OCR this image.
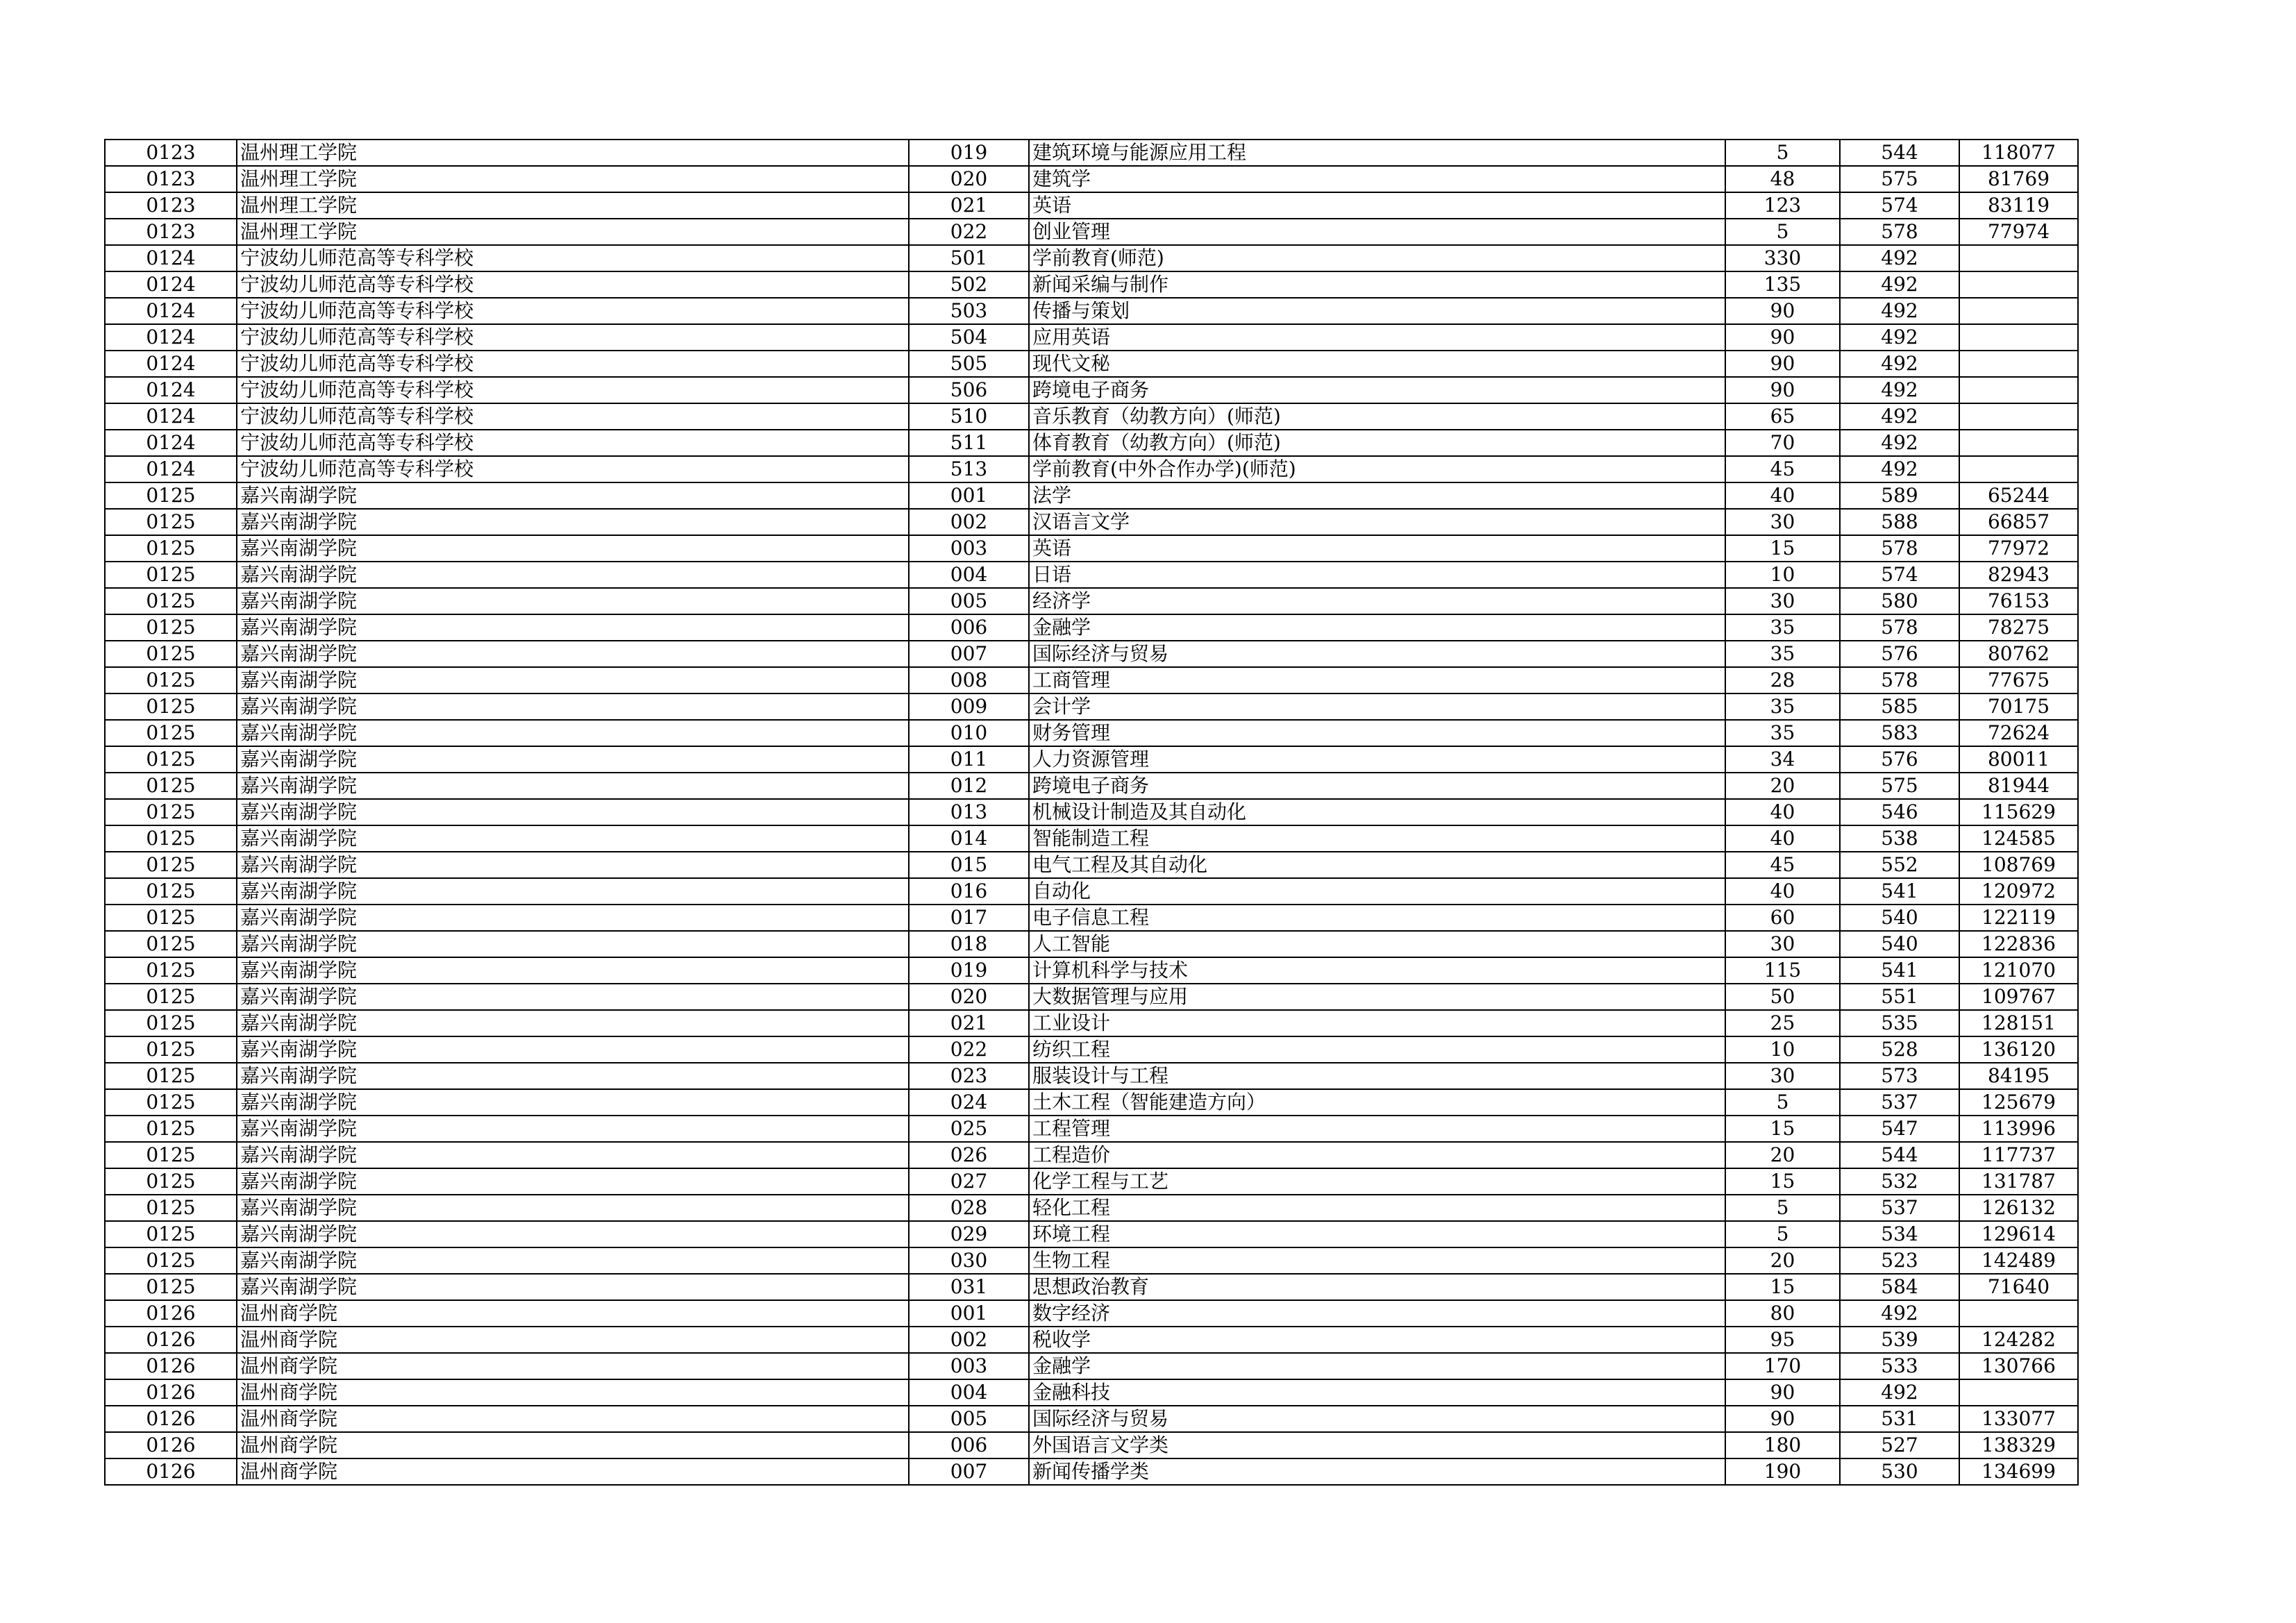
0123	温州理工学院	019	建筑环境与能源应用工程	5	544	118077
0123	温州理工学院	020	建筑学	48	575	81769
0123	温州理工学院	021	英语	123	574	83119
0123	温州理工学院	022	创业管理	5	578	77974
0124	宁波幼儿师范高等专科学校	501	学前教育(师范)	330	492	
0124	宁波幼儿师范高等专科学校	502	新闻采编与制作	135	492	
0124	宁波幼儿师范高等专科学校	503	传播与策划	90	492	
0124	宁波幼儿师范高等专科学校	504	应用英语	90	492	
0124	宁波幼儿师范高等专科学校	505	现代文秘	90	492	
0124	宁波幼儿师范高等专科学校	506	跨境电子商务	90	492	
0124	宁波幼儿师范高等专科学校	510	音乐教育（幼教方向）(师范)	65	492	
0124	宁波幼儿师范高等专科学校	511	体育教育（幼教方向）(师范)	70	492	
0124	宁波幼儿师范高等专科学校	513	学前教育(中外合作办学)(师范)	45	492	
0125	嘉兴南湖学院	001	法学	40	589	65244
0125	嘉兴南湖学院	002	汉语言文学	30	588	66857
0125	嘉兴南湖学院	003	英语	15	578	77972
0125	嘉兴南湖学院	004	日语	10	574	82943
0125	嘉兴南湖学院	005	经济学	30	580	76153
0125	嘉兴南湖学院	006	金融学	35	578	78275
0125	嘉兴南湖学院	007	国际经济与贸易	35	576	80762
0125	嘉兴南湖学院	008	工商管理	28	578	77675
0125	嘉兴南湖学院	009	会计学	35	585	70175
0125	嘉兴南湖学院	010	财务管理	35	583	72624
0125	嘉兴南湖学院	011	人力资源管理	34	576	80011
0125	嘉兴南湖学院	012	跨境电子商务	20	575	81944
0125	嘉兴南湖学院	013	机械设计制造及其自动化	40	546	115629
0125	嘉兴南湖学院	014	智能制造工程	40	538	124585
0125	嘉兴南湖学院	015	电气工程及其自动化	45	552	108769
0125	嘉兴南湖学院	016	自动化	40	541	120972
0125	嘉兴南湖学院	017	电子信息工程	60	540	122119
0125	嘉兴南湖学院	018	人工智能	30	540	122836
0125	嘉兴南湖学院	019	计算机科学与技术	115	541	121070
0125	嘉兴南湖学院	020	大数据管理与应用	50	551	109767
0125	嘉兴南湖学院	021	工业设计	25	535	128151
0125	嘉兴南湖学院	022	纺织工程	10	528	136120
0125	嘉兴南湖学院	023	服装设计与工程	30	573	84195
0125	嘉兴南湖学院	024	土木工程（智能建造方向）	5	537	125679
0125	嘉兴南湖学院	025	工程管理	15	547	113996
0125	嘉兴南湖学院	026	工程造价	20	544	117737
0125	嘉兴南湖学院	027	化学工程与工艺	15	532	131787
0125	嘉兴南湖学院	028	轻化工程	5	537	126132
0125	嘉兴南湖学院	029	环境工程	5	534	129614
0125	嘉兴南湖学院	030	生物工程	20	523	142489
0125	嘉兴南湖学院	031	思想政治教育	15	584	71640
0126	温州商学院	001	数字经济	80	492	
0126	温州商学院	002	税收学	95	539	124282
0126	温州商学院	003	金融学	170	533	130766
0126	温州商学院	004	金融科技	90	492	
0126	温州商学院	005	国际经济与贸易	90	531	133077
0126	温州商学院	006	外国语言文学类	180	527	138329
0126	温州商学院	007	新闻传播学类	190	530	134699
